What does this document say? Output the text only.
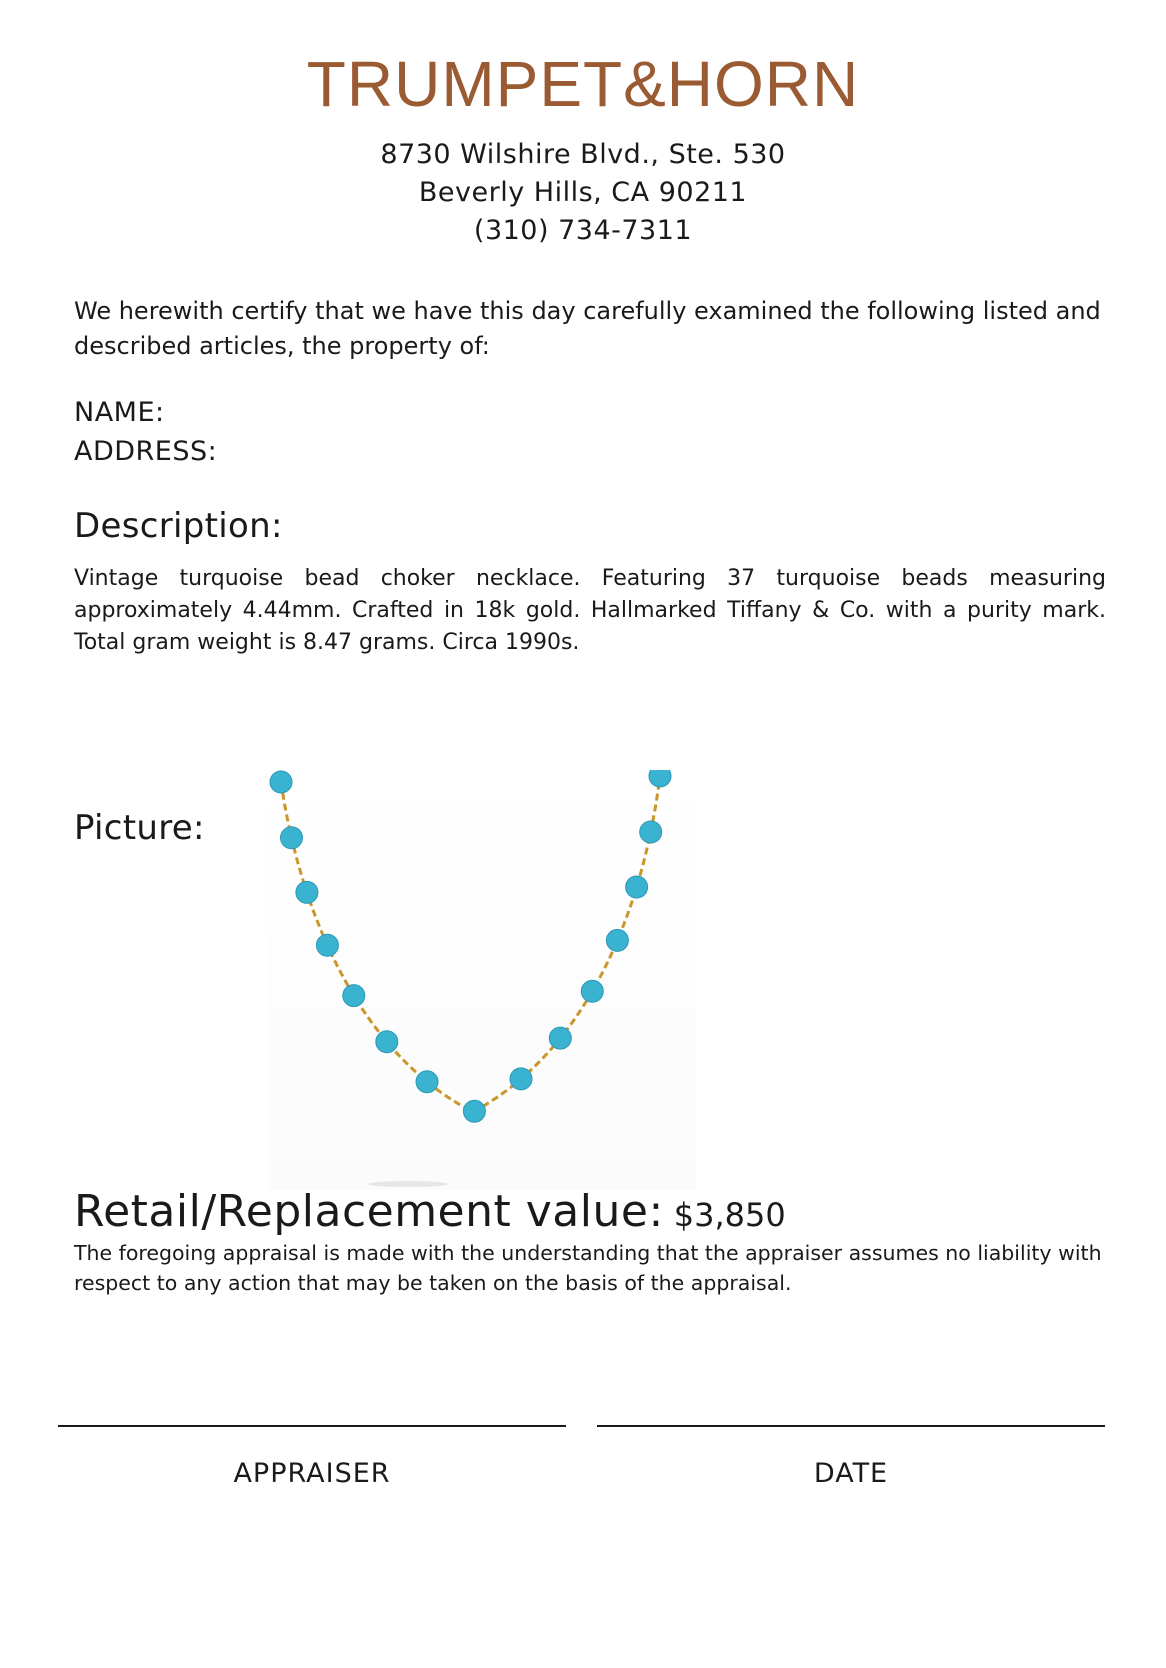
TRUMPET&HORN
8730 Wilshire Blvd., Ste. 530
Beverly Hills, CA 90211
(310) 734-7311
We herewith certify that we have this day carefully examined the following listed and described articles, the property of:
NAME:
ADDRESS:
Description:
Vintage turquoise bead choker necklace. Featuring 37 turquoise beads measuring approximately 4.44mm. Crafted in 18k gold. Hallmarked Tiffany & Co. with a purity mark. Total gram weight is 8.47 grams. Circa 1990s.
Picture:
Retail/Replacement value: $3,850
The foregoing appraisal is made with the understanding that the appraiser assumes no liability with respect to any action that may be taken on the basis of the appraisal.
APPRAISER	DATE
